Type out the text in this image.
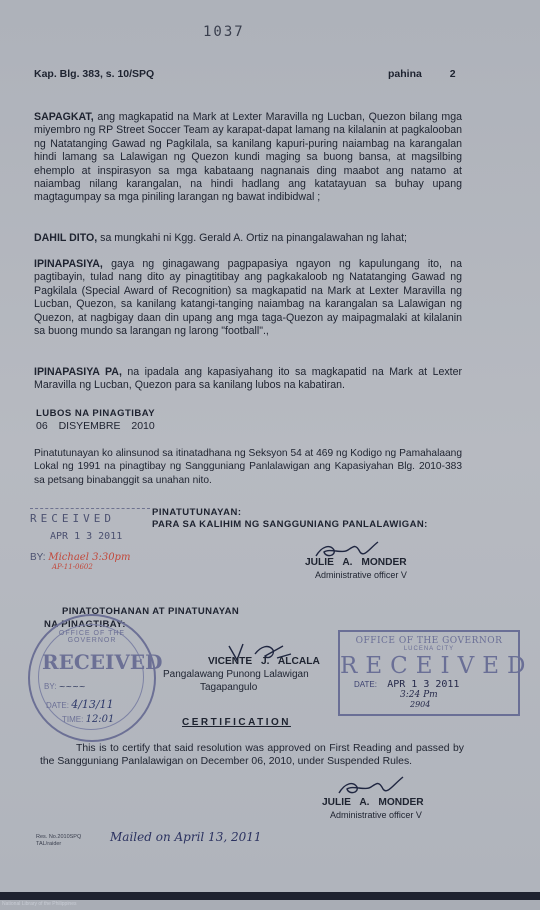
1037
Kap. Blg. 383, s. 10/SPQ	pahina	2
SAPAGKAT, ang magkapatid na Mark at Lexter Maravilla ng Lucban, Quezon bilang mga miyembro ng RP Street Soccer Team ay karapat-dapat lamang na kilalanin at pagkalooban ng Natatanging Gawad ng Pagkilala, sa kanilang kapuri-puring naiambag na karangalan hindi lamang sa Lalawigan ng Quezon kundi maging sa buong bansa, at magsilbing ehemplo at inspirasyon sa mga kabataang nagnanais ding maabot ang natamo at naiambag nilang karangalan, na hindi hadlang ang katatayuan sa buhay upang magtagumpay sa mga piniling larangan ng bawat indibidwal ;
DAHIL DITO, sa mungkahi ni Kgg. Gerald A. Ortiz na pinangalawahan ng lahat;
IPINAPASIYA, gaya ng ginagawang pagpapasiya ngayon ng kapulungang ito, na pagtibayin, tulad nang dito ay pinagtitibay ang pagkakaloob ng Natatanging Gawad ng Pagkilala (Special Award of Recognition) sa magkapatid na Mark at Lexter Maravilla ng Lucban, Quezon, sa kanilang katangi-tanging naiambag na karangalan sa Lalawigan ng Quezon, at nagbigay daan din upang ang mga taga-Quezon ay maipagmalaki at kilalanin sa buong mundo sa larangan ng larong "football".,
IPINAPASIYA PA, na ipadala ang kapasiyahang ito sa magkapatid na Mark at Lexter Maravilla ng Lucban, Quezon para sa kanilang lubos na kabatiran.
LUBOS NA PINAGTIBAY
06 DISYEMBRE 2010
Pinatutunayan ko alinsunod sa itinatadhana ng Seksyon 54 at 469 ng Kodigo ng Pamahalaang Lokal ng 1991 na pinagtibay ng Sangguniang Panlalawigan ang Kapasiyahan Blg. 2010-383 sa petsang binabanggit sa unahan nito.
PINATUTUNAYAN:
PARA SA KALIHIM NG SANGGUNIANG PANLALAWIGAN:
RECEIVED
APR 1 3 2011
BY: Michael 3:30pm
AP-11-0602	JULIE A. MONDER
Administrative officer V
PINATOTOHANAN AT PINATUNAYAN
NA PINAGTIBAY:
OFFICE OF THE GOVERNOR
RECEIVED
BY: ~~~~
DATE: 4/13/11
TIME: 12:01
VICENTE J. ALCALA
Pangalawang Punong Lalawigan
Tagapangulo
OFFICE OF THE GOVERNOR
LUCENA CITY
RECEIVED
DATE: APR 1 3 2011
3:24 Pm
2904
CERTIFICATION
This is to certify that said resolution was approved on First Reading and passed by the Sangguniang Panlalawigan on December 06, 2010, under Suspended Rules.
JULIE A. MONDER
Administrative officer V
Res. No.2010SPQ
TAL/raider	Mailed on April 13, 2011
National Library of the Philippines
